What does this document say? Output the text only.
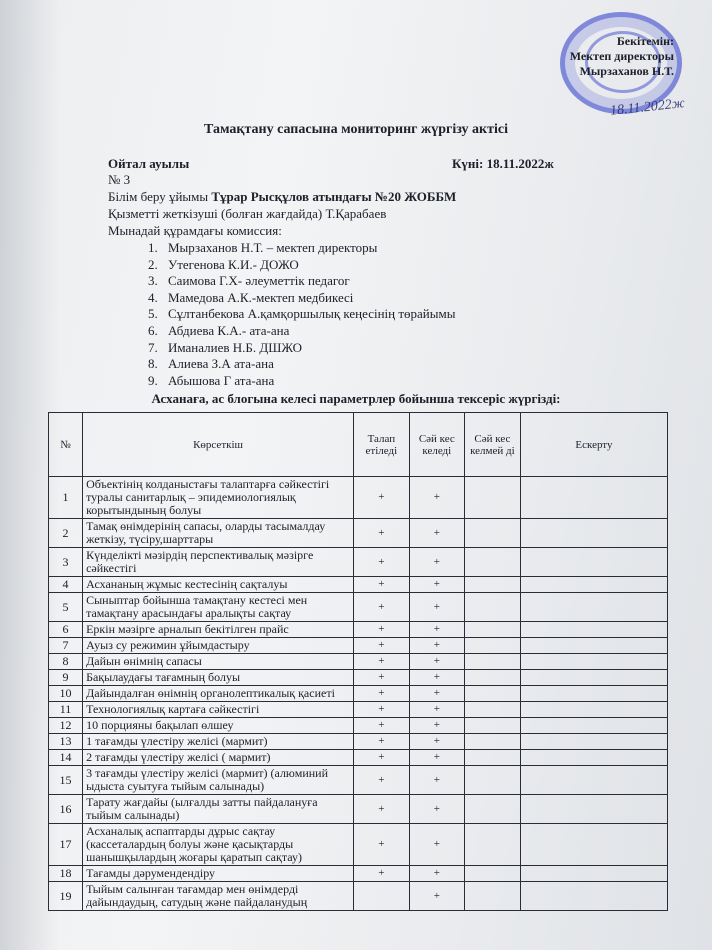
Бекітемін:
Мектеп директоры
Мырзаханов Н.Т.
18.11.2022ж
Тамақтану сапасына мониторинг жүргізу актісі
Ойтал ауылы	Күні: 18.11.2022ж
№ 3
Білім беру ұйымы Тұрар Рысқұлов атындағы №20 ЖОББМ
Қызметті жеткізуші (болған жағдайда) Т.Қарабаев
Мынадай құрамдағы комиссия:
1. Мырзаханов Н.Т. – мектеп директоры
2. Утегенова К.И.- ДОЖО
3. Саимова Г.Х- әлеуметтік педагог
4. Мамедова А.К.-мектеп медбикесі
5. Сұлтанбекова А.қамқоршылық кеңесінің төрайымы
6. Абдиева К.А.- ата-ана
7. Иманалиев Н.Б. ДШЖО
8. Алиева З.А ата-ана
9. Абышова Г ата-ана
Асханаға, ас блогына келесі параметрлер бойынша тексеріс жүргізді:
№	Көрсеткіш	Талап етіледі	Сәй кес келеді	Сәй кес келмей ді	Ескерту
1	Объектінің колданыстағы талаптарға сәйкестігі туралы санитарлық – эпидемиологиялық корытындының болуы	+	+		
2	Тамақ өнімдерінің сапасы, оларды тасымалдау жеткізу, түсіру,шарттары	+	+		
3	Күнделікті мәзірдің перспективалық мәзірге сәйкестігі	+	+		
4	Асхананың жұмыс кестесінің сақталуы	+	+		
5	Сыныптар бойынша тамақтану кестесі мен тамақтану арасындағы аралықты сақтау	+	+		
6	Еркін мәзірге арналып бекітілген прайс	+	+		
7	Ауыз су режимин ұйымдастыру	+	+		
8	Дайын өнімнің сапасы	+	+		
9	Бақылаудағы тағамның болуы	+	+		
10	Дайындалған өнімнің органолептикалық қасиеті	+	+		
11	Технологиялық картаға сәйкестігі	+	+		
12	10 порцияны бақылап өлшеу	+	+		
13	1 тағамды үлестіру желісі (мармит)	+	+		
14	2 тағамды үлестіру желісі ( мармит)	+	+		
15	3 тағамды үлестіру желісі (мармит) (алюминий ыдыста суытуға тыйым салынады)	+	+		
16	Тарату жағдайы (ылғалды затты пайдалануға тыйым салынады)	+	+		
17	Асханалық аспаптарды дұрыс сақтау (кассеталардың болуы және қасықтарды шанышқылардың жоғары қаратып сақтау)	+	+		
18	Тағамды дәрумендендіру	+	+		
19	Тыйым салынған тағамдар мен өнімдерді дайындаудың, сатудың және пайдаланудың		+		
